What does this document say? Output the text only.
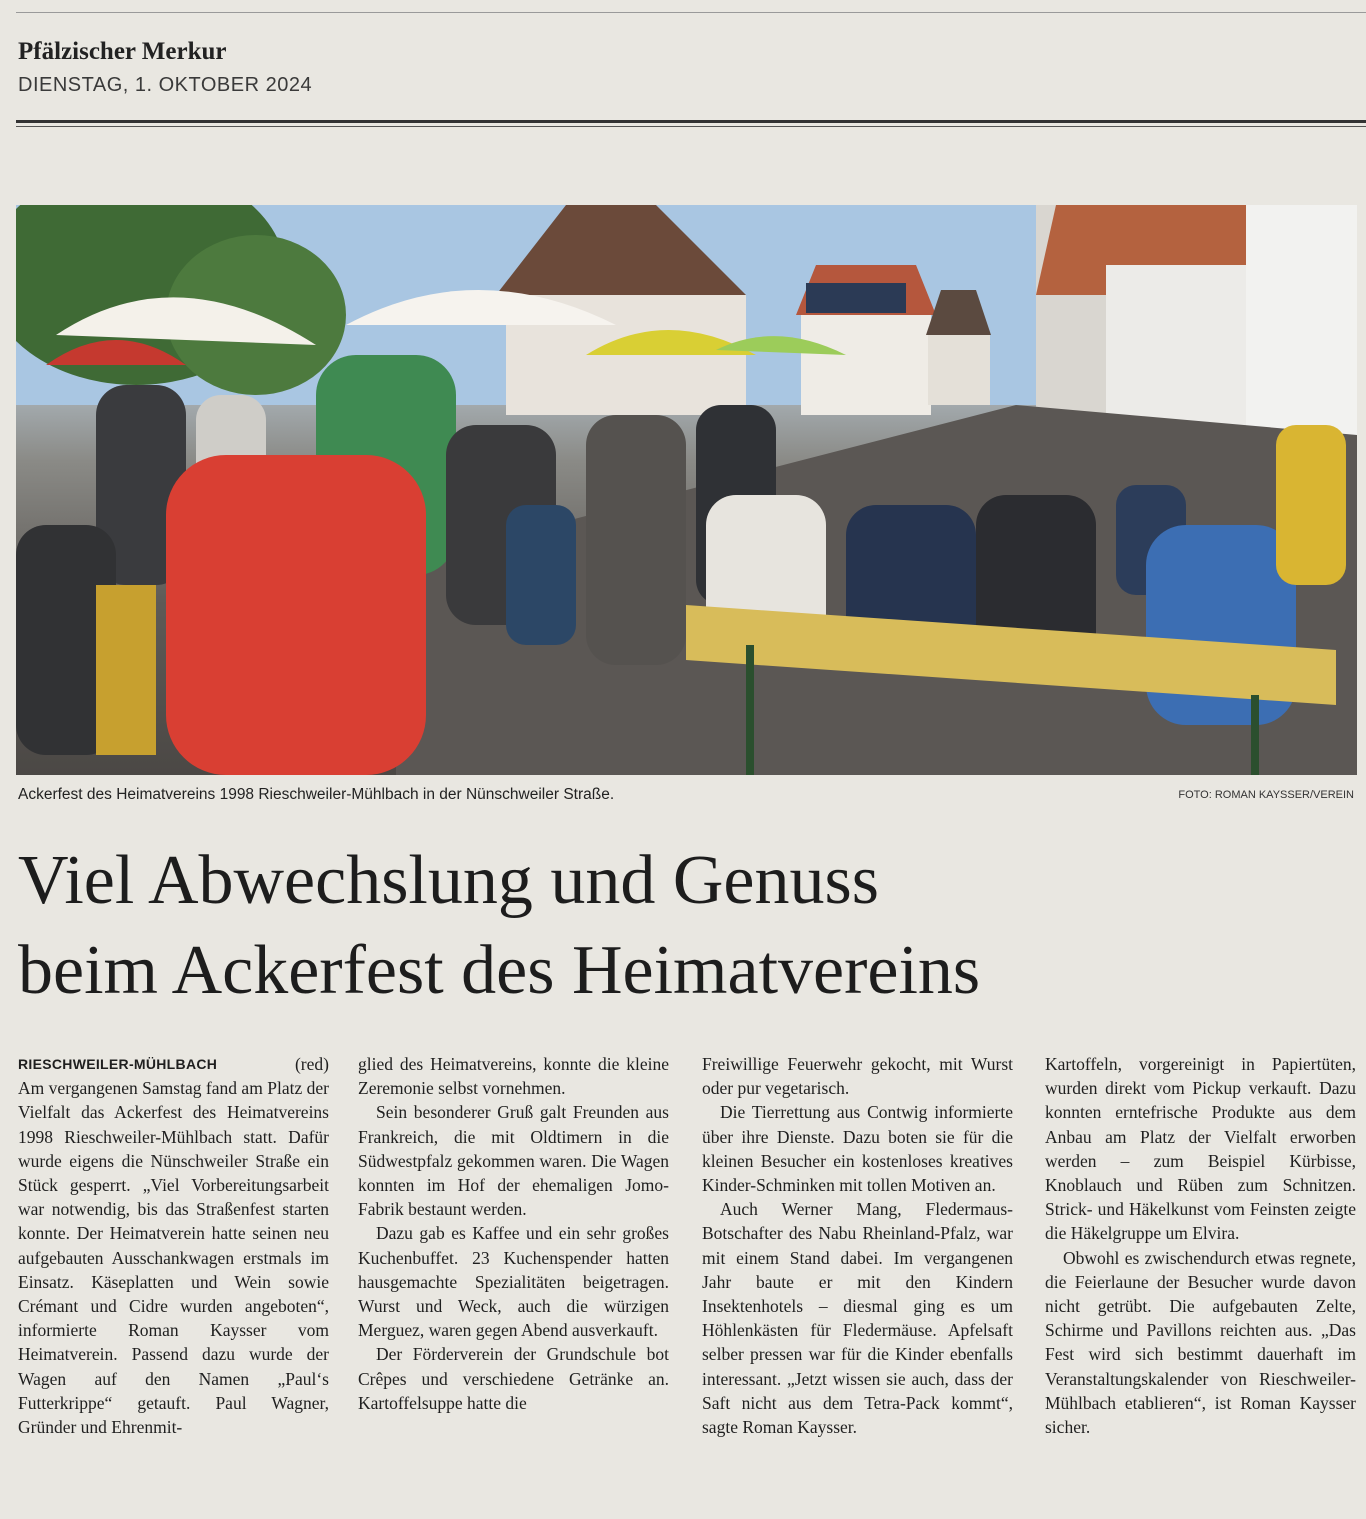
Pfälzischer Merkur
DIENSTAG, 1. OKTOBER 2024
Ackerfest des Heimatvereins 1998 Rieschweiler-Mühlbach in der Nünschweiler Straße.	FOTO: ROMAN KAYSSER/VEREIN
Viel Abwechslung und Genuss
beim Ackerfest des Heimatvereins
RIESCHWEILER-MÜHLBACH	(red)

Am vergangenen Samstag fand am Platz der Vielfalt das Ackerfest des Heimatvereins 1998 Rieschweiler-Mühlbach statt. Dafür wurde eigens die Nünschweiler Straße ein Stück gesperrt. „Viel Vorbereitungsarbeit war notwendig, bis das Straßenfest starten konnte. Der Heimatverein hatte seinen neu aufgebauten Ausschankwagen erstmals im Einsatz. Käseplatten und Wein sowie Crémant und Cidre wurden angeboten“, informierte Roman Kaysser vom Heimatverein. Passend dazu wurde der Wagen auf den Namen „Paul‘s Futterkrippe“ getauft. Paul Wagner, Gründer und Ehrenmit-

glied des Heimatvereins, konnte die kleine Zeremonie selbst vornehmen.

Sein besonderer Gruß galt Freunden aus Frankreich, die mit Oldtimern in die Südwestpfalz gekommen waren. Die Wagen konnten im Hof der ehemaligen Jomo-Fabrik bestaunt werden.

Dazu gab es Kaffee und ein sehr großes Kuchenbuffet. 23 Kuchenspender hatten hausgemachte Spezialitäten beigetragen. Wurst und Weck, auch die würzigen Merguez, waren gegen Abend ausverkauft.

Der Förderverein der Grundschule bot Crêpes und verschiedene Getränke an. Kartoffelsuppe hatte die

Freiwillige Feuerwehr gekocht, mit Wurst oder pur vegetarisch.

Die Tierrettung aus Contwig informierte über ihre Dienste. Dazu boten sie für die kleinen Besucher ein kostenloses kreatives Kinder-Schminken mit tollen Motiven an.

Auch Werner Mang, Fledermaus-Botschafter des Nabu Rheinland-Pfalz, war mit einem Stand dabei. Im vergangenen Jahr baute er mit den Kindern Insektenhotels – diesmal ging es um Höhlenkästen für Fledermäuse. Apfelsaft selber pressen war für die Kinder ebenfalls interessant. „Jetzt wissen sie auch, dass der Saft nicht aus dem Tetra-Pack kommt“, sagte Roman Kaysser.

Kartoffeln, vorgereinigt in Papiertüten, wurden direkt vom Pickup verkauft. Dazu konnten erntefrische Produkte aus dem Anbau am Platz der Vielfalt erworben werden – zum Beispiel Kürbisse, Knoblauch und Rüben zum Schnitzen. Strick- und Häkelkunst vom Feinsten zeigte die Häkelgruppe um Elvira.

Obwohl es zwischendurch etwas regnete, die Feierlaune der Besucher wurde davon nicht getrübt. Die aufgebauten Zelte, Schirme und Pavillons reichten aus. „Das Fest wird sich bestimmt dauerhaft im Veranstaltungskalender von Rieschweiler-Mühlbach etablieren“, ist Roman Kaysser sicher.
